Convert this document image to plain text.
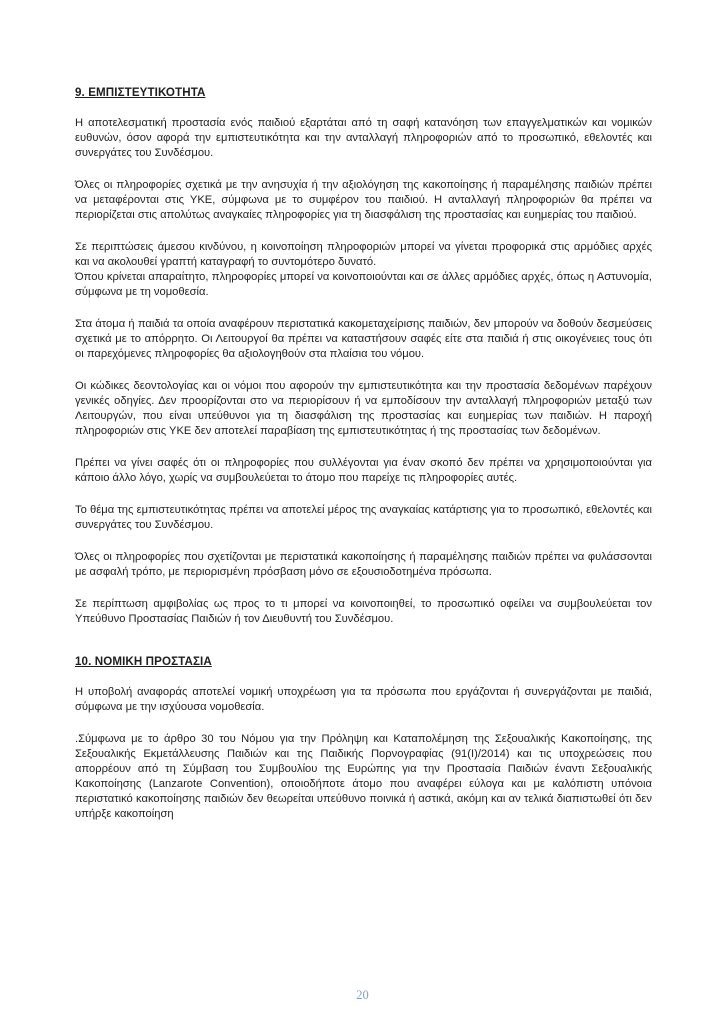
9. ΕΜΠΙΣΤΕΥΤΙΚΟΤΗΤΑ

Η αποτελεσματική προστασία ενός παιδιού εξαρτάται από τη σαφή κατανόηση των επαγγελματικών και νομικών ευθυνών, όσον αφορά την εμπιστευτικότητα και την ανταλλαγή πληροφοριών από το προσωπικό, εθελοντές και συνεργάτες του Συνδέσμου.

Όλες οι πληροφορίες σχετικά με την ανησυχία ή την αξιολόγηση της κακοποίησης ή παραμέλησης παιδιών πρέπει να μεταφέρονται στις ΥΚΕ, σύμφωνα με το συμφέρον του παιδιού. Η ανταλλαγή πληροφοριών θα πρέπει να περιορίζεται στις απολύτως αναγκαίες πληροφορίες για τη διασφάλιση της προστασίας και ευημερίας του παιδιού.

Σε περιπτώσεις άμεσου κινδύνου, η κοινοποίηση πληροφοριών μπορεί να γίνεται προφορικά στις αρμόδιες αρχές και να ακολουθεί γραπτή καταγραφή το συντομότερο δυνατό.

Όπου κρίνεται απαραίτητο, πληροφορίες μπορεί να κοινοποιούνται και σε άλλες αρμόδιες αρχές, όπως η Αστυνομία, σύμφωνα με τη νομοθεσία.

Στα άτομα ή παιδιά τα οποία αναφέρουν περιστατικά κακομεταχείρισης παιδιών, δεν μπορούν να δοθούν δεσμεύσεις σχετικά με το απόρρητο. Οι Λειτουργοί θα πρέπει να καταστήσουν σαφές είτε στα παιδιά ή στις οικογένειες τους ότι οι παρεχόμενες πληροφορίες θα αξιολογηθούν στα πλαίσια του νόμου.

Οι κώδικες δεοντολογίας και οι νόμοι που αφορούν την εμπιστευτικότητα και την προστασία δεδομένων παρέχουν γενικές οδηγίες. Δεν προορίζονται στο να περιορίσουν ή να εμποδίσουν την ανταλλαγή πληροφοριών μεταξύ των Λειτουργών, που είναι υπεύθυνοι για τη διασφάλιση της προστασίας και ευημερίας των παιδιών. Η παροχή πληροφοριών στις ΥΚΕ δεν αποτελεί παραβίαση της εμπιστευτικότητας ή της προστασίας των δεδομένων.

Πρέπει να γίνει σαφές ότι οι πληροφορίες που συλλέγονται για έναν σκοπό δεν πρέπει να χρησιμοποιούνται για κάποιο άλλο λόγο, χωρίς να συμβουλεύεται το άτομο που παρείχε τις πληροφορίες αυτές.

Το θέμα της εμπιστευτικότητας πρέπει να αποτελεί μέρος της αναγκαίας κατάρτισης για το προσωπικό, εθελοντές και συνεργάτες του Συνδέσμου.

Όλες οι πληροφορίες που σχετίζονται με περιστατικά κακοποίησης ή παραμέλησης παιδιών πρέπει να φυλάσσονται με ασφαλή τρόπο, με περιορισμένη πρόσβαση μόνο σε εξουσιοδοτημένα πρόσωπα.

Σε περίπτωση αμφιβολίας ως προς το τι μπορεί να κοινοποιηθεί, το προσωπικό οφείλει να συμβουλεύεται τον Υπεύθυνο Προστασίας Παιδιών ή τον Διευθυντή του Συνδέσμου.

10. ΝΟΜΙΚΗ ΠΡΟΣΤΑΣΙΑ

Η υποβολή αναφοράς αποτελεί νομική υποχρέωση για τα πρόσωπα που εργάζονται ή συνεργάζονται με παιδιά, σύμφωνα με την ισχύουσα νομοθεσία.

.Σύμφωνα με το άρθρο 30 του Νόμου για την Πρόληψη και Καταπολέμηση της Σεξουαλικής Κακοποίησης, της Σεξουαλικής Εκμετάλλευσης Παιδιών και της Παιδικής Πορνογραφίας (91(Ι)/2014) και τις υποχρεώσεις που απορρέουν από τη Σύμβαση του Συμβουλίου της Ευρώπης για την Προστασία Παιδιών έναντι Σεξουαλικής Κακοποίησης (Lanzarote Convention), οποιοδήποτε άτομο που αναφέρει εύλογα και με καλόπιστη υπόνοια περιστατικό κακοποίησης παιδιών δεν θεωρείται υπεύθυνο ποινικά ή αστικά, ακόμη και αν τελικά διαπιστωθεί ότι δεν υπήρξε κακοποίηση

20
